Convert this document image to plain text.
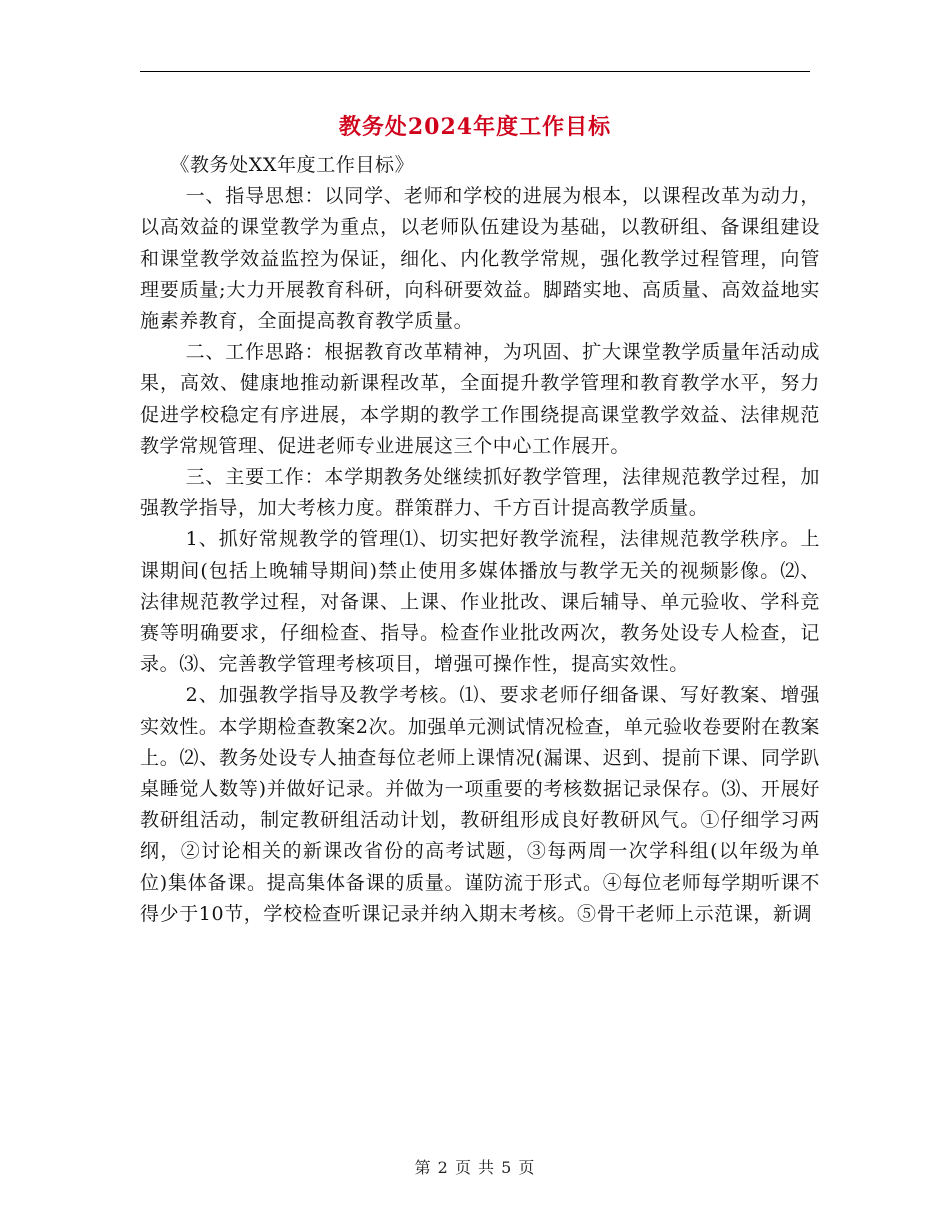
教务处2024年度工作目标

《教务处XX年度工作目标》

一、指导思想：以同学、老师和学校的进展为根本，以课程改革为动力，以高效益的课堂教学为重点，以老师队伍建设为基础，以教研组、备课组建设和课堂教学效益监控为保证，细化、内化教学常规，强化教学过程管理，向管理要质量;大力开展教育科研，向科研要效益。脚踏实地、高质量、高效益地实施素养教育，全面提高教育教学质量。

二、工作思路：根据教育改革精神，为巩固、扩大课堂教学质量年活动成果，高效、健康地推动新课程改革，全面提升教学管理和教育教学水平，努力促进学校稳定有序进展，本学期的教学工作围绕提高课堂教学效益、法律规范教学常规管理、促进老师专业进展这三个中心工作展开。

三、主要工作：本学期教务处继续抓好教学管理，法律规范教学过程，加强教学指导，加大考核力度。群策群力、千方百计提高教学质量。

1、抓好常规教学的管理⑴、切实把好教学流程，法律规范教学秩序。上课期间(包括上晚辅导期间)禁止使用多媒体播放与教学无关的视频影像。⑵、法律规范教学过程，对备课、上课、作业批改、课后辅导、单元验收、学科竞赛等明确要求，仔细检查、指导。检查作业批改两次，教务处设专人检查，记录。⑶、完善教学管理考核项目，增强可操作性，提高实效性。

2、加强教学指导及教学考核。⑴、要求老师仔细备课、写好教案、增强实效性。本学期检查教案2次。加强单元测试情况检查，单元验收卷要附在教案上。⑵、教务处设专人抽查每位老师上课情况(漏课、迟到、提前下课、同学趴桌睡觉人数等)并做好记录。并做为一项重要的考核数据记录保存。⑶、开展好教研组活动，制定教研组活动计划，教研组形成良好教研风气。①仔细学习两纲，②讨论相关的新课改省份的高考试题，③每两周一次学科组(以年级为单位)集体备课。提高集体备课的质量。谨防流于形式。④每位老师每学期听课不得少于10节，学校检查听课记录并纳入期末考核。⑤骨干老师上示范课，新调

第 2 页 共 5 页
